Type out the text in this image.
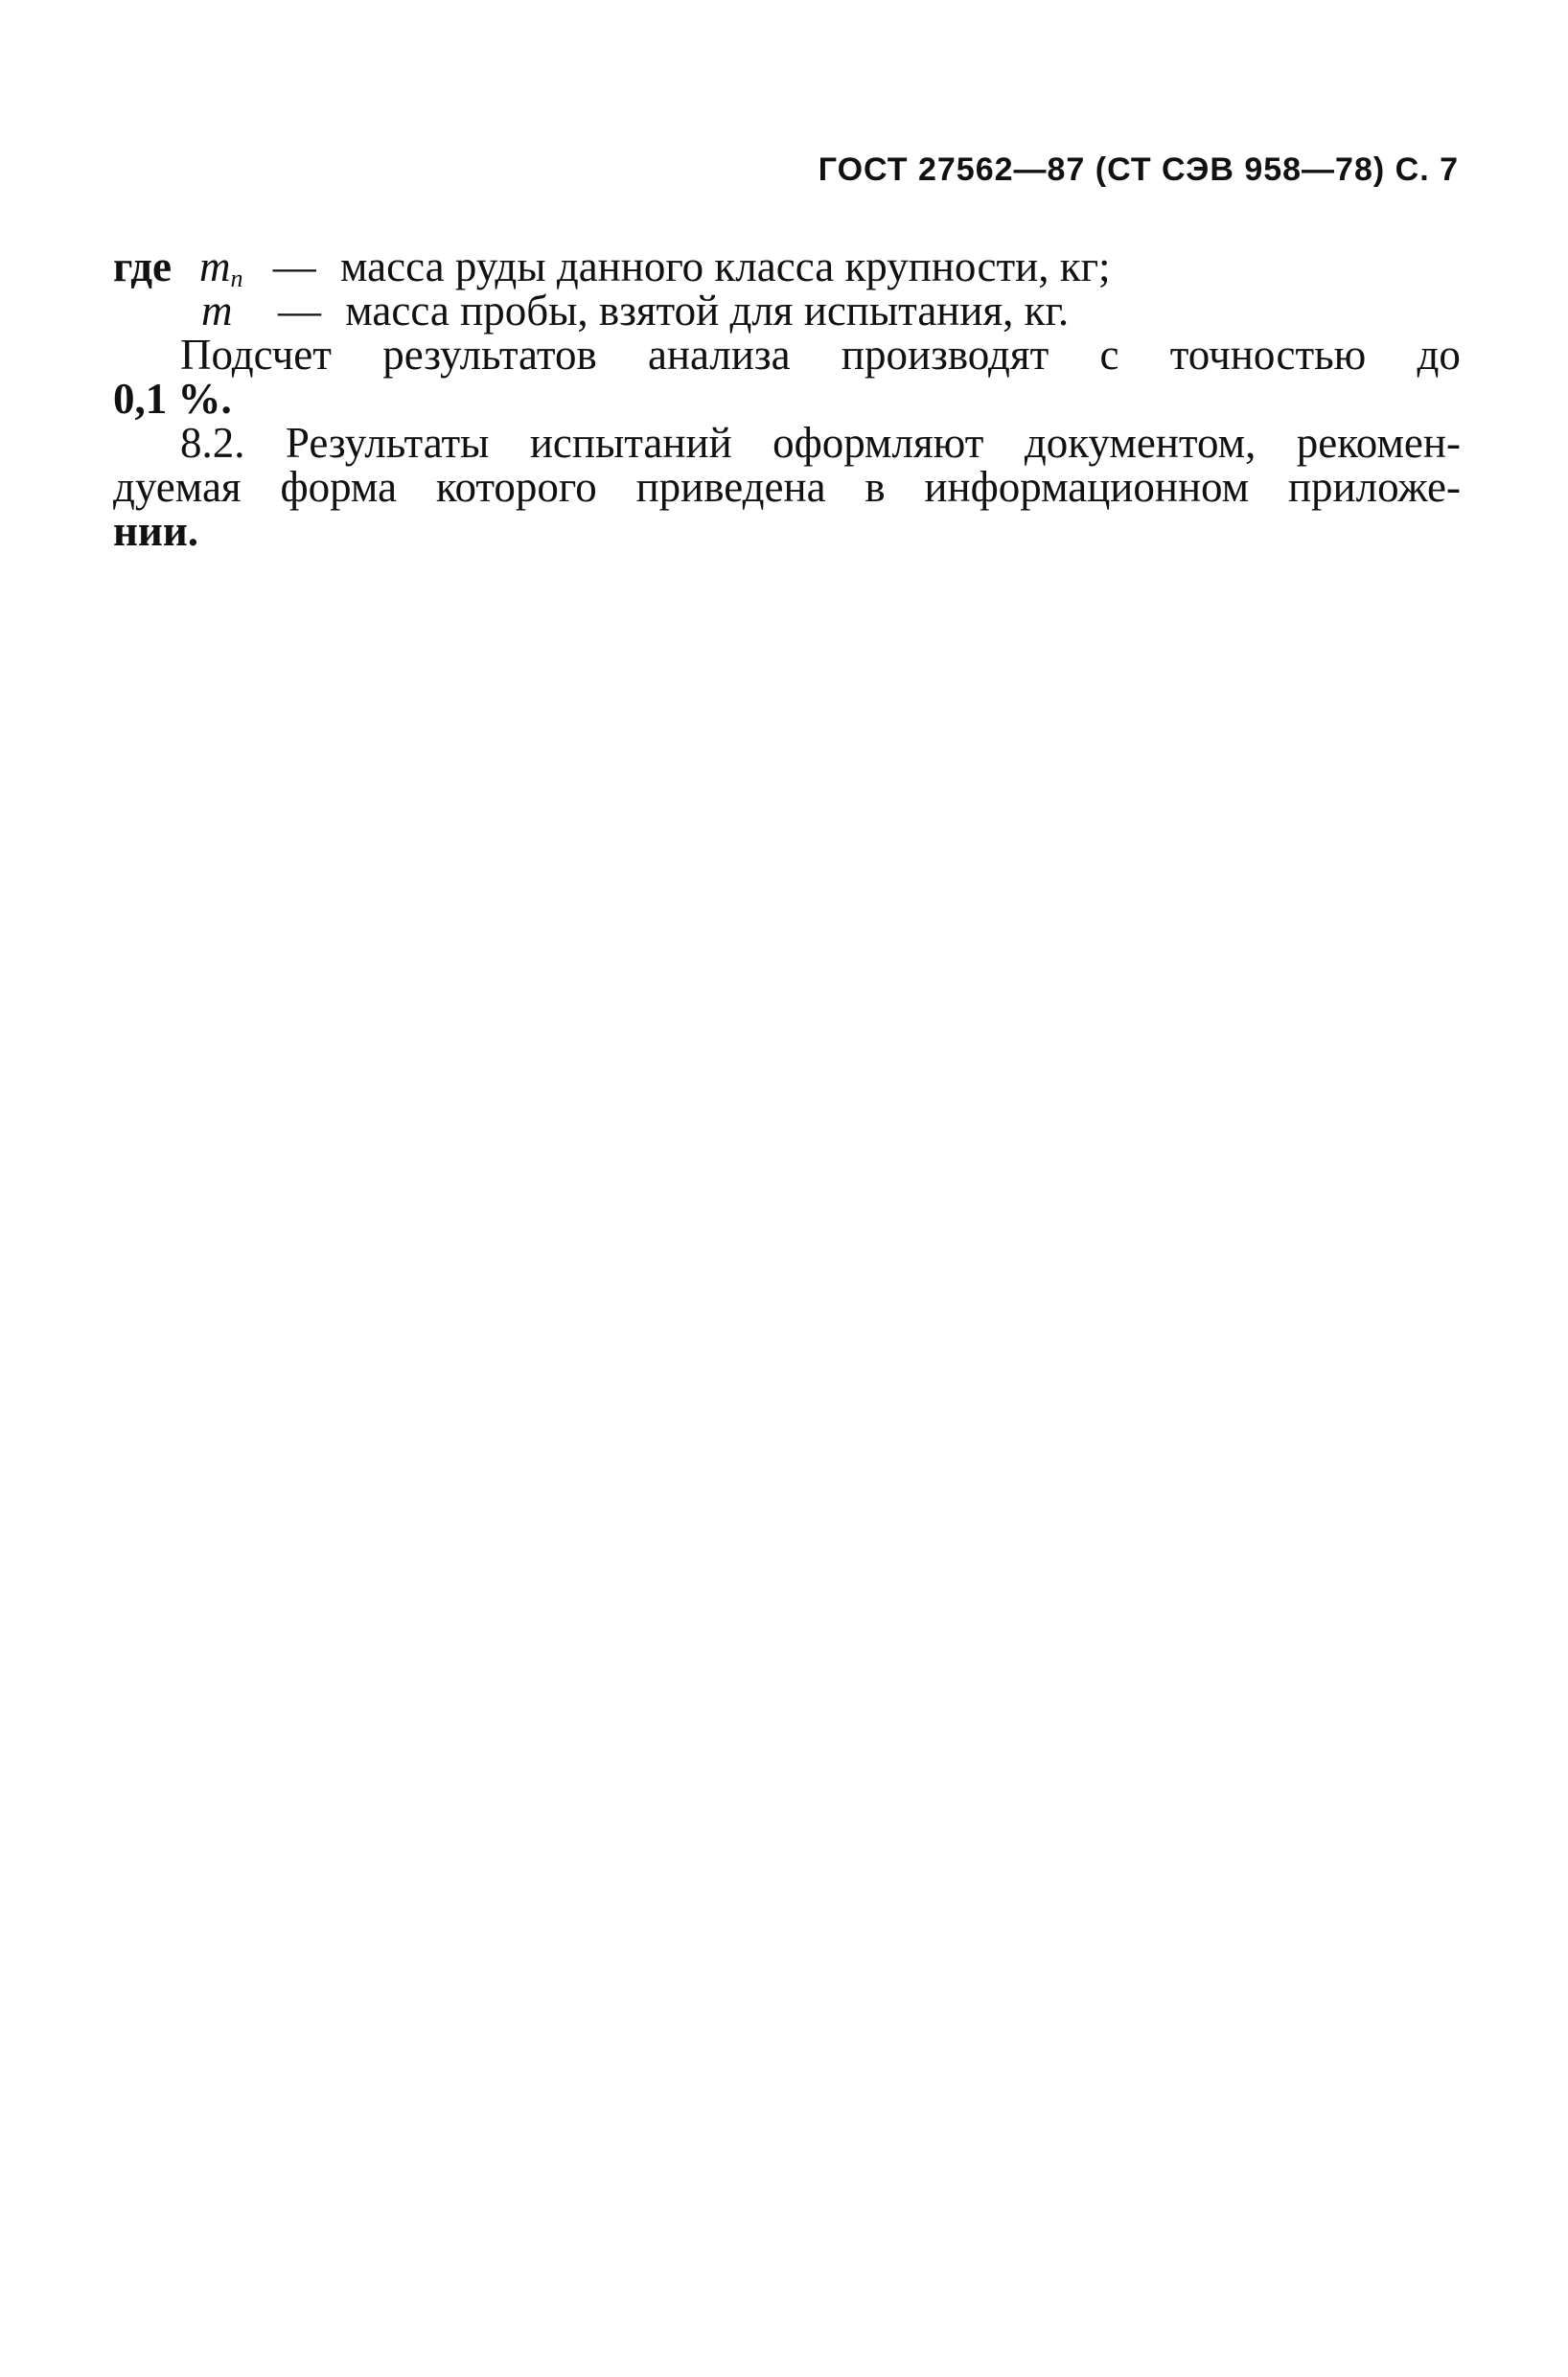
ГОСТ 27562—87 (СТ СЭВ 958—78) С. 7
где $m_n$ — масса руды данного класса крупности, кг;
m — масса пробы, взятой для испытания, кг.
Подсчет результатов анализа производят с точностью до
0,1 %.
8.2. Результаты испытаний оформляют документом, рекомен-
дуемая форма которого приведена в информационном приложе-
нии.
